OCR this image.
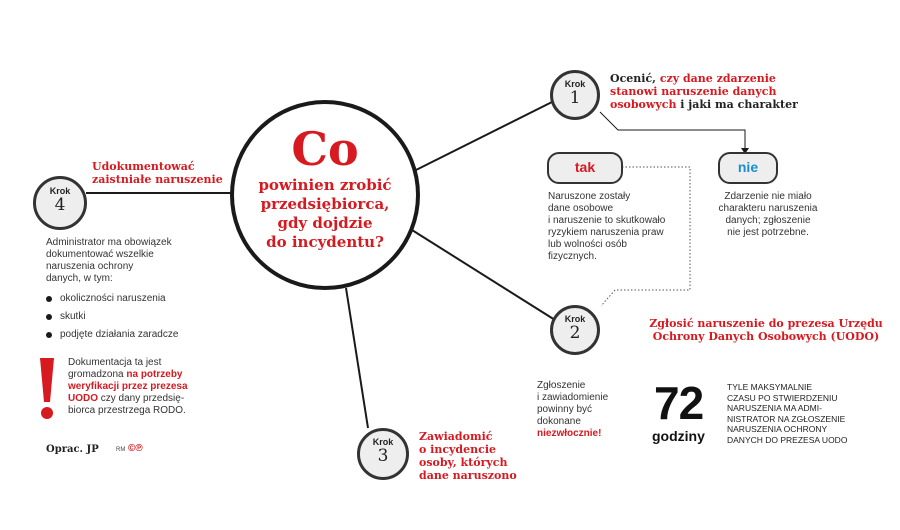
Co
powinien zrobić
przedsiębiorca,
gdy dojdzie
do incydentu?
Krok
1
Ocenić, czy dane zdarzenie stanowi naruszenie danych osobowych i jaki ma charakter
tak
Naruszone zostały
dane osobowe
i naruszenie to skutkowało
ryzykiem naruszenia praw
lub wolności osób
fizycznych.
nie
Zdarzenie nie miało
charakteru naruszenia
danych; zgłoszenie
nie jest potrzebne.
Krok
2	Zgłosić naruszenie do prezesa Urzędu
Ochrony Danych Osobowych (UODO)
Zgłoszenie
i zawiadomienie
powinny być
dokonane
niezwłocznie!
72
godziny
TYLE MAKSYMALNIE
CZASU PO STWIERDZENIU
NARUSZENIA MA ADMI-
NISTRATOR NA ZGŁOSZENIE
NARUSZENIA OCHRONY
DANYCH DO PREZESA UODO
Krok
3
Zawiadomić
o incydencie
osoby, których
dane naruszono
Krok
4
Udokumentować
zaistniałe naruszenie
Administrator ma obowiązek
dokumentować wszelkie
naruszenia ochrony
danych, w tym:
okoliczności naruszenia
skutki
podjęte działania zaradcze
Dokumentacja ta jest
gromadzona na potrzeby
weryfikacji przez prezesa
UODO czy dany przedsię-
biorca przestrzega RODO.
Oprac. JP	RM ©℗
